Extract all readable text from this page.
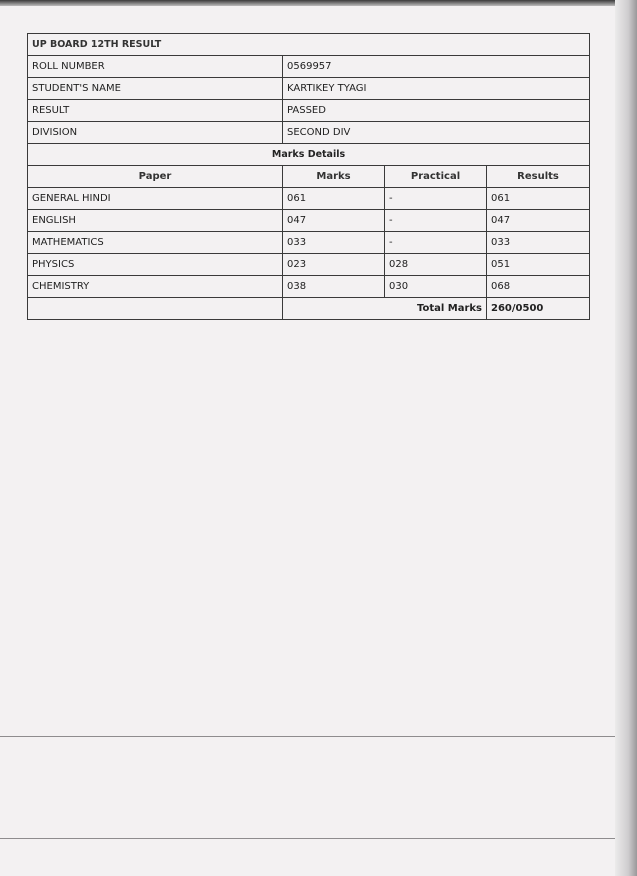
UP BOARD 12TH RESULT			
ROLL NUMBER	0569957		
STUDENT'S NAME	KARTIKEY TYAGI		
RESULT	PASSED		
DIVISION	SECOND DIV		
Marks Details			
Paper	Marks	Practical	Results
GENERAL HINDI	061	-	061
ENGLISH	047	-	047
MATHEMATICS	033	-	033
PHYSICS	023	028	051
CHEMISTRY	038	030	068
	Total Marks		260/0500
